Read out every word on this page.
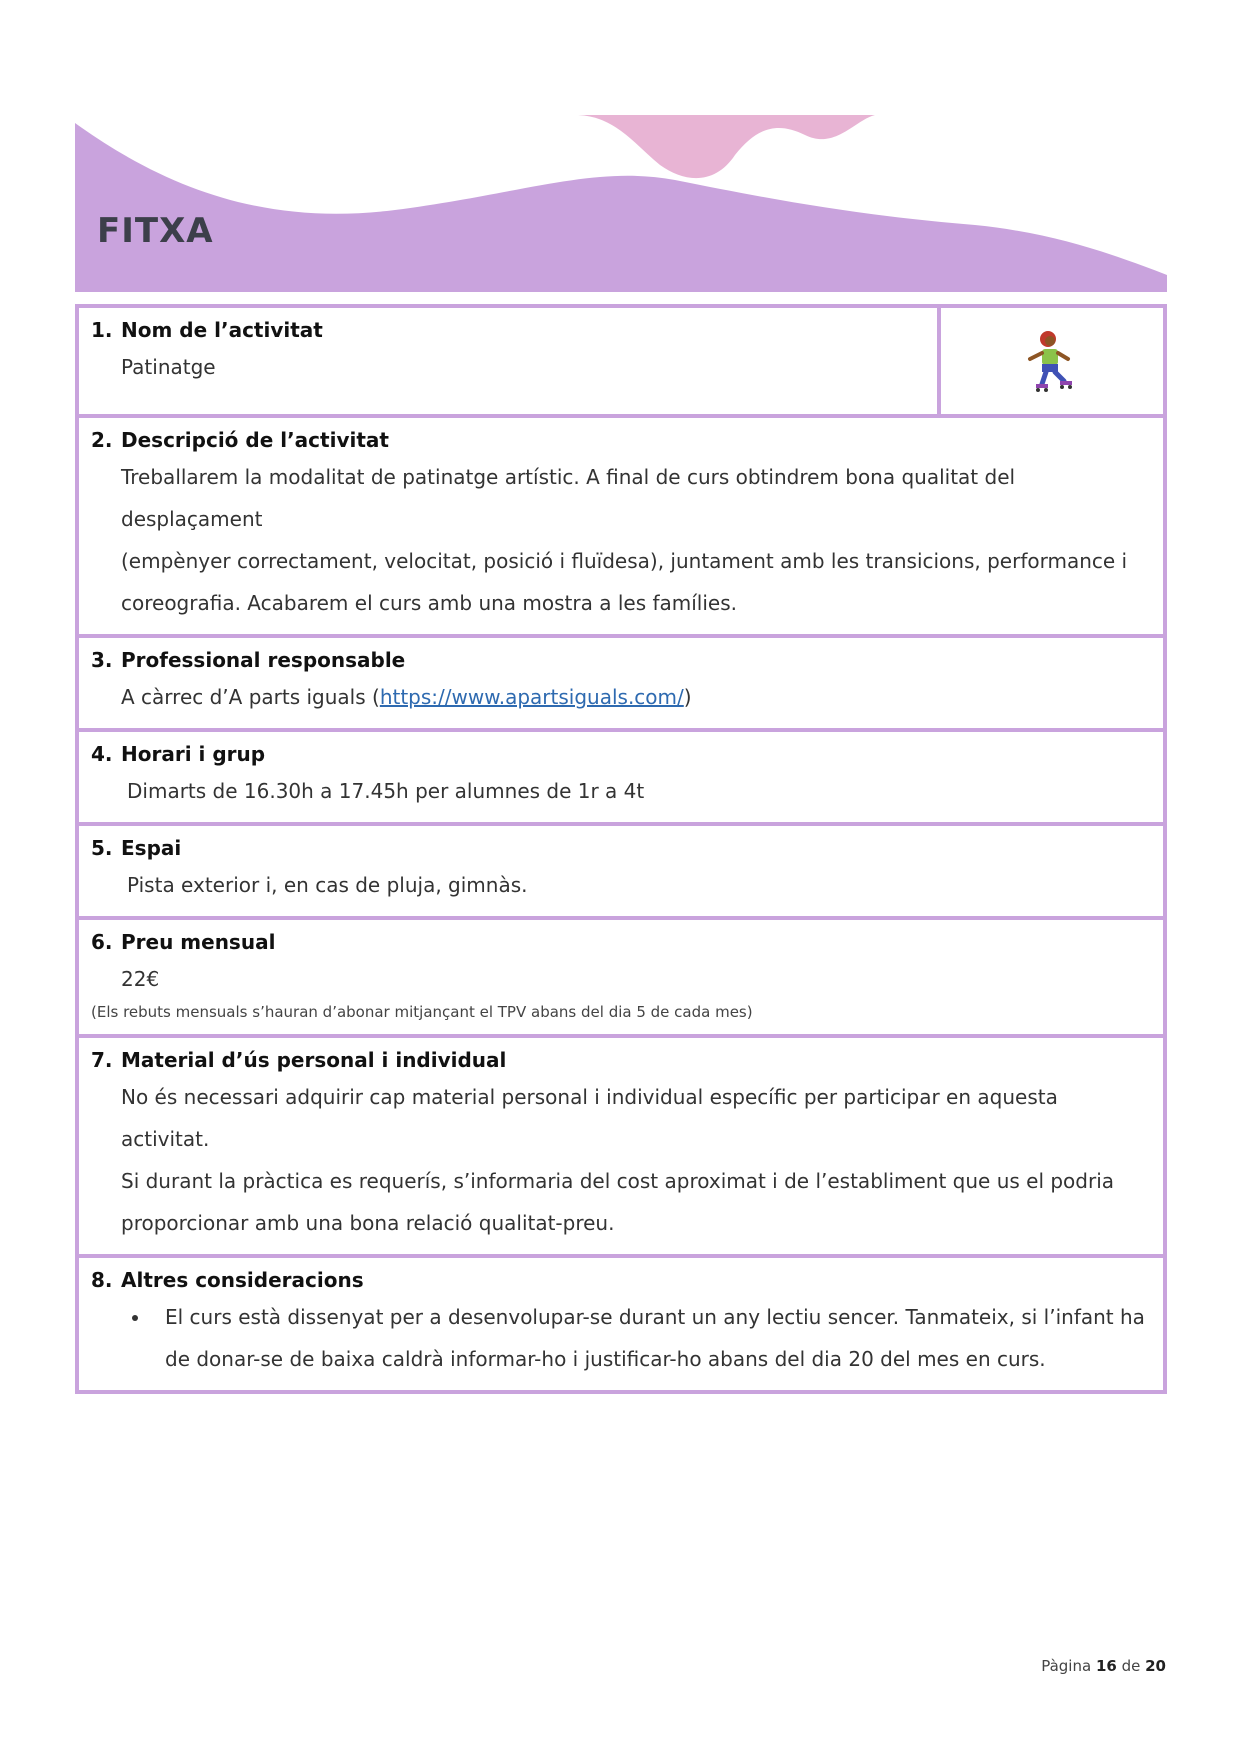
FITXA
1. Nom de l’activitat
Patinatge
2. Descripció de l’activitat
Treballarem la modalitat de patinatge artístic. A final de curs obtindrem bona qualitat del desplaçament
(empènyer correctament, velocitat, posició i fluïdesa), juntament amb les transicions, performance i
coreografia. Acabarem el curs amb una mostra a les famílies.
3. Professional responsable
A càrrec d’A parts iguals (https://www.apartsiguals.com/)
4. Horari i grup
Dimarts de 16.30h a 17.45h per alumnes de 1r a 4t
5. Espai
Pista exterior i, en cas de pluja, gimnàs.
6. Preu mensual
22€
(Els rebuts mensuals s’hauran d’abonar mitjançant el TPV abans del dia 5 de cada mes)
7. Material d’ús personal i individual
No és necessari adquirir cap material personal i individual específic per participar en aquesta activitat.
Si durant la pràctica es requerís, s’informaria del cost aproximat i de l’establiment que us el podria
proporcionar amb una bona relació qualitat-preu.
8. Altres consideracions
• El curs està dissenyat per a desenvolupar-se durant un any lectiu sencer. Tanmateix, si l’infant ha de donar-se de baixa caldrà informar-ho i justificar-ho abans del dia 20 del mes en curs.
Pàgina 16 de 20
